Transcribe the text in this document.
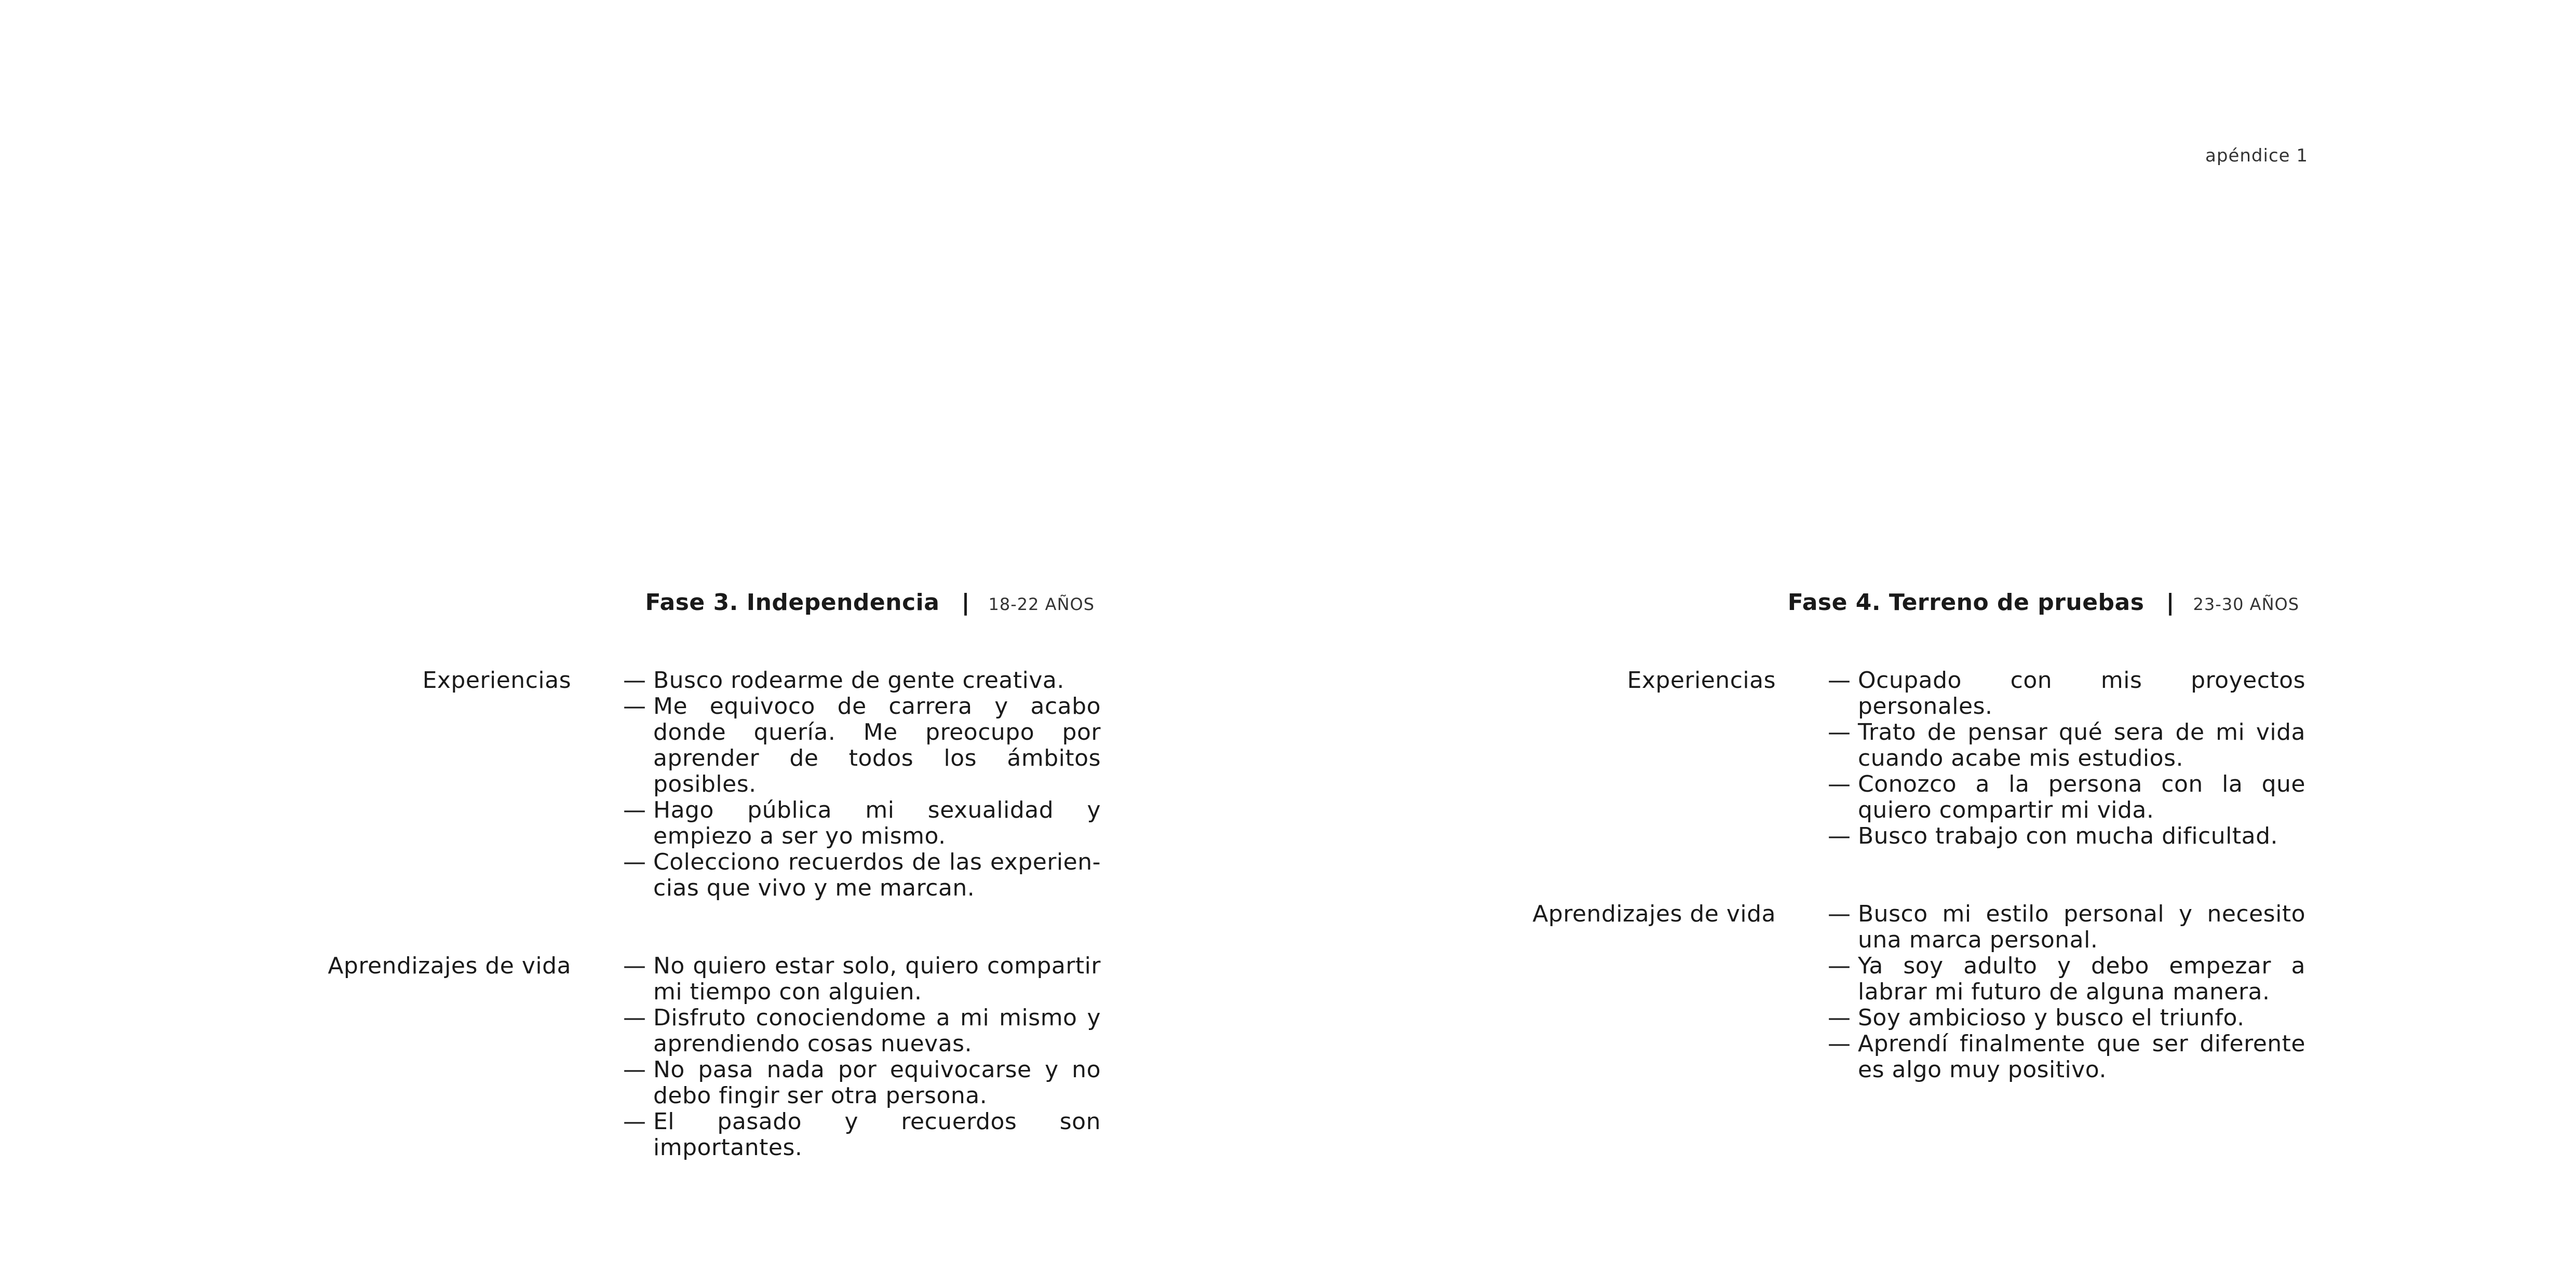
apéndice 1
Fase 3. Independencia | 18-22 AÑOS
Experiencias — Busco rodearme de gente creativa.
— Me equivoco de carrera y acabo donde quería. Me preocupo por aprender de todos los ámbitos posibles.
— Hago pública mi sexualidad y empiezo a ser yo mismo.
— Colecciono recuerdos de las experien-cias que vivo y me marcan.
Aprendizajes de vida — No quiero estar solo, quiero compartir mi tiempo con alguien.
— Disfruto conociendome a mi mismo y aprendiendo cosas nuevas.
— No pasa nada por equivocarse y no debo fingir ser otra persona.
— El pasado y recuerdos son importantes.
Fase 4. Terreno de pruebas | 23-30 AÑOS
Experiencias — Ocupado con mis proyectos personales.
— Trato de pensar qué sera de mi vida cuando acabe mis estudios.
— Conozco a la persona con la que quiero compartir mi vida.
— Busco trabajo con mucha dificultad.
Aprendizajes de vida — Busco mi estilo personal y necesito una marca personal.
— Ya soy adulto y debo empezar a labrar mi futuro de alguna manera.
— Soy ambicioso y busco el triunfo.
— Aprendí finalmente que ser diferente es algo muy positivo.
